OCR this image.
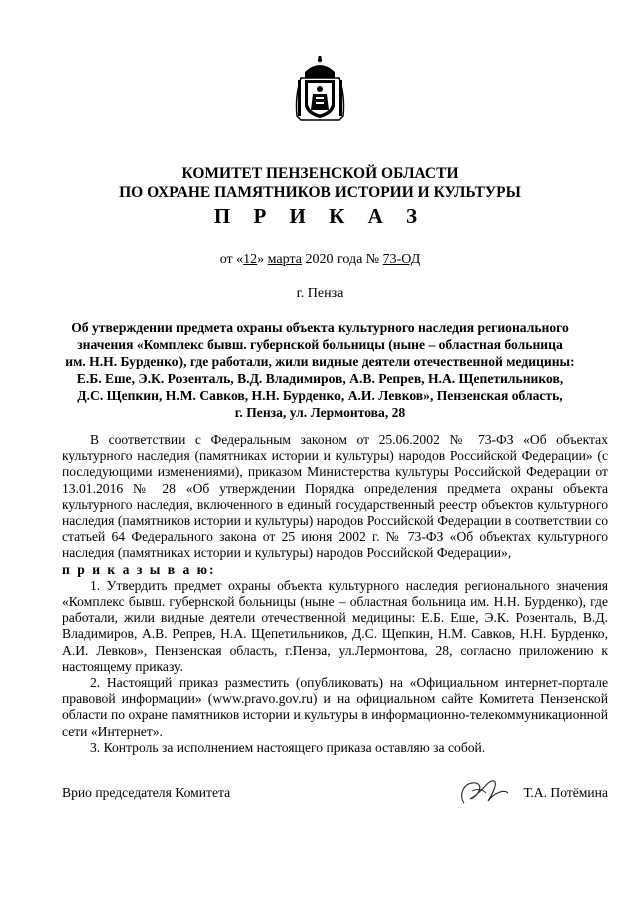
КОМИТЕТ ПЕНЗЕНСКОЙ ОБЛАСТИ
ПО ОХРАНЕ ПАМЯТНИКОВ ИСТОРИИ И КУЛЬТУРЫ
П Р И К А З
от «12» марта 2020 года № 73-ОД
г. Пенза
Об утверждении предмета охраны объекта культурного наследия регионального
значения «Комплекс бывш. губернской больницы (ныне – областная больница
им. Н.Н. Бурденко), где работали, жили видные деятели отечественной медицины:
Е.Б. Еше, Э.К. Розенталь, В.Д. Владимиров, А.В. Репрев, Н.А. Щепетильников,
Д.С. Щепкин, Н.М. Савков, Н.Н. Бурденко, А.И. Левков», Пензенская область,
г. Пенза, ул. Лермонтова, 28

В соответствии с Федеральным законом от 25.06.2002 № 73-ФЗ «Об объектах культурного наследия (памятниках истории и культуры) народов Российской Федерации» (с последующими изменениями), приказом Министерства культуры Российской Федерации от 13.01.2016 № 28 «Об утверждении Порядка определения предмета охраны объекта культурного наследия, включенного в единый государственный реестр объектов культурного наследия (памятников истории и культуры) народов Российской Федерации в соответствии со статьей 64 Федерального закона от 25 июня 2002 г. № 73-ФЗ «Об объектах культурного наследия (памятниках истории и культуры) народов Российской Федерации»,

п р и к а з ы в а ю:

1. Утвердить предмет охраны объекта культурного наследия регионального значения «Комплекс бывш. губернской больницы (ныне – областная больница им. Н.Н. Бурденко), где работали, жили видные деятели отечественной медицины: Е.Б. Еше, Э.К. Розенталь, В.Д. Владимиров, А.В. Репрев, Н.А. Щепетильников, Д.С. Щепкин, Н.М. Савков, Н.Н. Бурденко, А.И. Левков», Пензенская область, г.Пенза, ул.Лермонтова, 28, согласно приложению к настоящему приказу.

2. Настоящий приказ разместить (опубликовать) на «Официальном интернет-портале правовой информации» (www.pravo.gov.ru) и на официальном сайте Комитета Пензенской области по охране памятников истории и культуры в информационно-телекоммуникационной сети «Интернет».

3. Контроль за исполнением настоящего приказа оставляю за собой.

Врио председателя Комитета	Т.А. Потёмина
